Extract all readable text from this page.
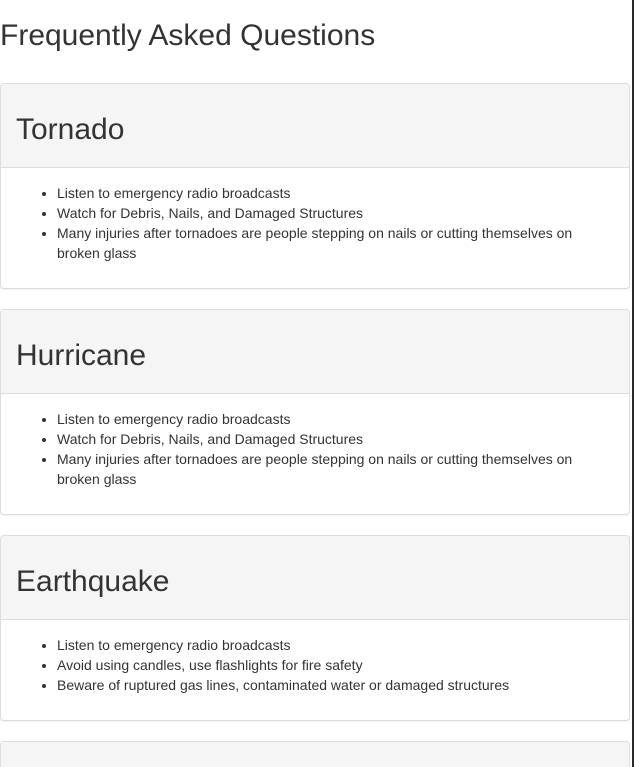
Frequently Asked Questions
Tornado
• Listen to emergency radio broadcasts
• Watch for Debris, Nails, and Damaged Structures
• Many injuries after tornadoes are people stepping on nails or cutting themselves on broken glass
Hurricane
• Listen to emergency radio broadcasts
• Watch for Debris, Nails, and Damaged Structures
• Many injuries after tornadoes are people stepping on nails or cutting themselves on broken glass
Earthquake
• Listen to emergency radio broadcasts
• Avoid using candles, use flashlights for fire safety
• Beware of ruptured gas lines, contaminated water or damaged structures
